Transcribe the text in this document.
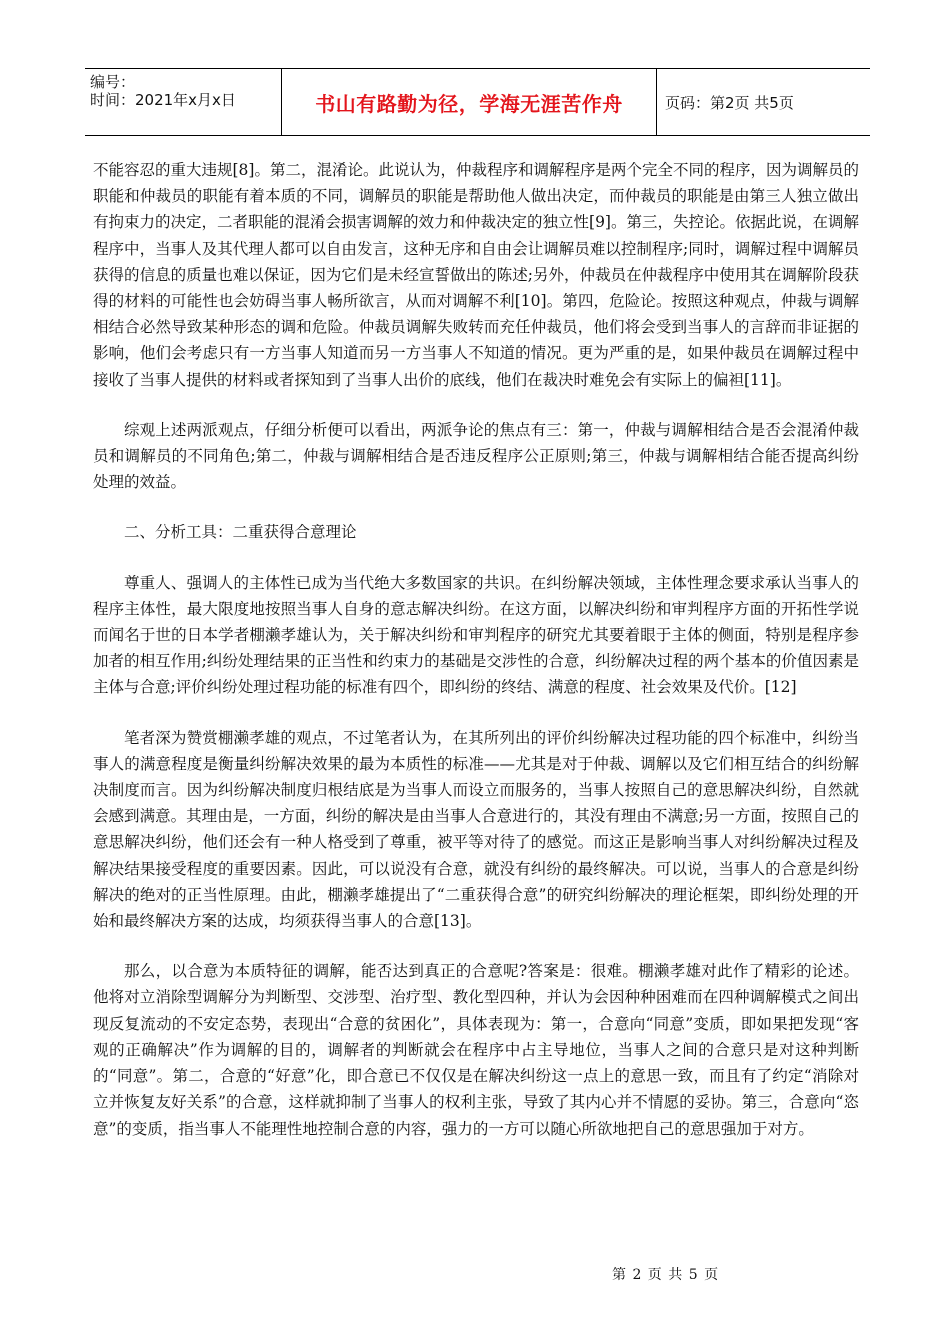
编号：
时间：2021年x月x日	书山有路勤为径，学海无涯苦作舟	页码：第2页 共5页

不能容忍的重大违规[8]。第二，混淆论。此说认为，仲裁程序和调解程序是两个完全不同的程序，因为调解员的职能和仲裁员的职能有着本质的不同，调解员的职能是帮助他人做出决定，而仲裁员的职能是由第三人独立做出有拘束力的决定，二者职能的混淆会损害调解的效力和仲裁决定的独立性[9]。第三，失控论。依据此说，在调解程序中，当事人及其代理人都可以自由发言，这种无序和自由会让调解员难以控制程序;同时，调解过程中调解员获得的信息的质量也难以保证，因为它们是未经宣誓做出的陈述;另外，仲裁员在仲裁程序中使用其在调解阶段获得的材料的可能性也会妨碍当事人畅所欲言，从而对调解不利[10]。第四，危险论。按照这种观点，仲裁与调解相结合必然导致某种形态的调和危险。仲裁员调解失败转而充任仲裁员，他们将会受到当事人的言辞而非证据的影响，他们会考虑只有一方当事人知道而另一方当事人不知道的情况。更为严重的是，如果仲裁员在调解过程中接收了当事人提供的材料或者探知到了当事人出价的底线，他们在裁决时难免会有实际上的偏袒[11]。

综观上述两派观点，仔细分析便可以看出，两派争论的焦点有三：第一，仲裁与调解相结合是否会混淆仲裁员和调解员的不同角色;第二，仲裁与调解相结合是否违反程序公正原则;第三，仲裁与调解相结合能否提高纠纷处理的效益。

二、分析工具：二重获得合意理论

尊重人、强调人的主体性已成为当代绝大多数国家的共识。在纠纷解决领域，主体性理念要求承认当事人的程序主体性，最大限度地按照当事人自身的意志解决纠纷。在这方面，以解决纠纷和审判程序方面的开拓性学说而闻名于世的日本学者棚濑孝雄认为，关于解决纠纷和审判程序的研究尤其要着眼于主体的侧面，特别是程序参加者的相互作用;纠纷处理结果的正当性和约束力的基础是交涉性的合意，纠纷解决过程的两个基本的价值因素是主体与合意;评价纠纷处理过程功能的标准有四个，即纠纷的终结、满意的程度、社会效果及代价。[12]

笔者深为赞赏棚濑孝雄的观点，不过笔者认为，在其所列出的评价纠纷解决过程功能的四个标准中，纠纷当事人的满意程度是衡量纠纷解决效果的最为本质性的标准——尤其是对于仲裁、调解以及它们相互结合的纠纷解决制度而言。因为纠纷解决制度归根结底是为当事人而设立而服务的，当事人按照自己的意思解决纠纷，自然就会感到满意。其理由是，一方面，纠纷的解决是由当事人合意进行的，其没有理由不满意;另一方面，按照自己的意思解决纠纷，他们还会有一种人格受到了尊重，被平等对待了的感觉。而这正是影响当事人对纠纷解决过程及解决结果接受程度的重要因素。因此，可以说没有合意，就没有纠纷的最终解决。可以说，当事人的合意是纠纷解决的绝对的正当性原理。由此，棚濑孝雄提出了“二重获得合意”的研究纠纷解决的理论框架，即纠纷处理的开始和最终解决方案的达成，均须获得当事人的合意[13]。

那么，以合意为本质特征的调解，能否达到真正的合意呢?答案是：很难。棚濑孝雄对此作了精彩的论述。他将对立消除型调解分为判断型、交涉型、治疗型、教化型四种，并认为会因种种困难而在四种调解模式之间出现反复流动的不安定态势，表现出“合意的贫困化”，具体表现为：第一，合意向“同意”变质，即如果把发现“客观的正确解决”作为调解的目的，调解者的判断就会在程序中占主导地位，当事人之间的合意只是对这种判断的“同意”。第二，合意的“好意”化，即合意已不仅仅是在解决纠纷这一点上的意思一致，而且有了约定“消除对立并恢复友好关系”的合意，这样就抑制了当事人的权利主张，导致了其内心并不情愿的妥协。第三，合意向“恣意”的变质，指当事人不能理性地控制合意的内容，强力的一方可以随心所欲地把自己的意思强加于对方。

第 2 页 共 5 页
